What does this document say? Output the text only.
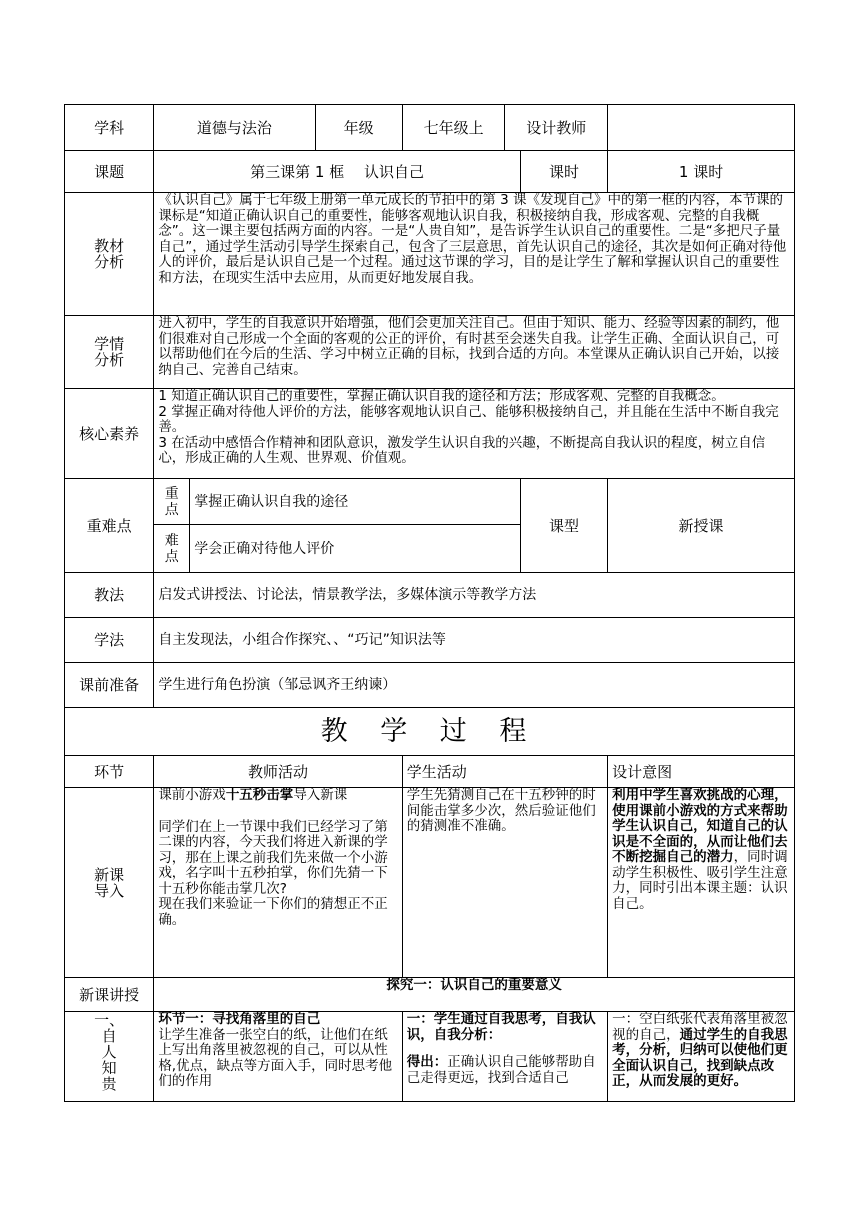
学科	道德与法治		年级	七年级上	设计教师		
课题	第三课第 1 框　 认识自己					课时	1 课时

教材
分析	《认识自己》属于七年级上册第一单元成长的节拍中的第 3 课《发现自己》中的第一框的内容，本节课的课标是“知道正确认识自己的重要性，能够客观地认识自我，积极接纳自我，形成客观、完整的自我概念”。这一课主要包括两方面的内容。一是“人贵自知”，是告诉学生认识自己的重要性。二是“多把尺子量自己”，通过学生活动引导学生探索自己，包含了三层意思，首先认识自己的途径，其次是如何正确对待他人的评价，最后是认识自己是一个过程。通过这节课的学习，目的是让学生了解和掌握认识自己的重要性和方法，在现实生活中去应用，从而更好地发展自我。						

学情
分析	进入初中，学生的自我意识开始增强，他们会更加关注自己。但由于知识、能力、经验等因素的制约，他们很难对自己形成一个全面的客观的公正的评价，有时甚至会迷失自我。让学生正确、全面认识自己，可以帮助他们在今后的生活、学习中树立正确的目标，找到合适的方向。本堂课从正确认识自己开始，以接纳自己、完善自己结束。						
核心素养	1 知道正确认识自己的重要性，掌握正确认识自我的途径和方法；形成客观、完整的自我概念。
2 掌握正确对待他人评价的方法，能够客观地认识自己、能够积极接纳自己，并且能在生活中不断自我完善。
3 在活动中感悟合作精神和团队意识，激发学生认识自我的兴趣，不断提高自我认识的程度，树立自信心，形成正确的人生观、世界观、价值观。						

重难点	重点	掌握正确认识自我的途径				课型	新授课
	难点	学会正确对待他人评价					
教法	启发式讲授法、讨论法，情景教学法，多媒体演示等教学方法						
学法	自主发现法，小组合作探究、、“巧记”知识法等						
课前准备	学生进行角色扮演（邹忌讽齐王纳谏）						
教 学 过 程							
环节	教师活动			学生活动			设计意图

新课
导入	课前小游戏十五秒击掌导入新课
同学们在上一节课中我们已经学习了第二课的内容，今天我们将进入新课的学习，那在上课之前我们先来做一个小游戏，名字叫十五秒拍掌，你们先猜一下十五秒你能击掌几次?
现在我们来验证一下你们的猜想正不正确。			学生先猜测自己在十五秒钟的时间能击掌多少次，然后验证他们的猜测准不准确。			利用中学生喜欢挑战的心理，使用课前小游戏的方式来帮助学生认识自己，知道自己的认识是不全面的，从而让他们去不断挖掘自己的潜力，同时调动学生积极性、吸引学生注意力，同时引出本课主题：认识自己。
新课讲授	探究一：认识自己的重要意义						

一、
自
人
知
贵	环节一：寻找角落里的自己
让学生准备一张空白的纸，让他们在纸上写出角落里被忽视的自己，可以从性格,优点，缺点等方面入手，同时思考他们的作用			一：学生通过自我思考，自我认识，自我分析：
得出：正确认识自己能够帮助自己走得更远，找到合适自己			一：空白纸张代表角落里被忽视的自己，通过学生的自我思考，分析，归纳可以使他们更全面认识自己，找到缺点改正，从而发展的更好。
